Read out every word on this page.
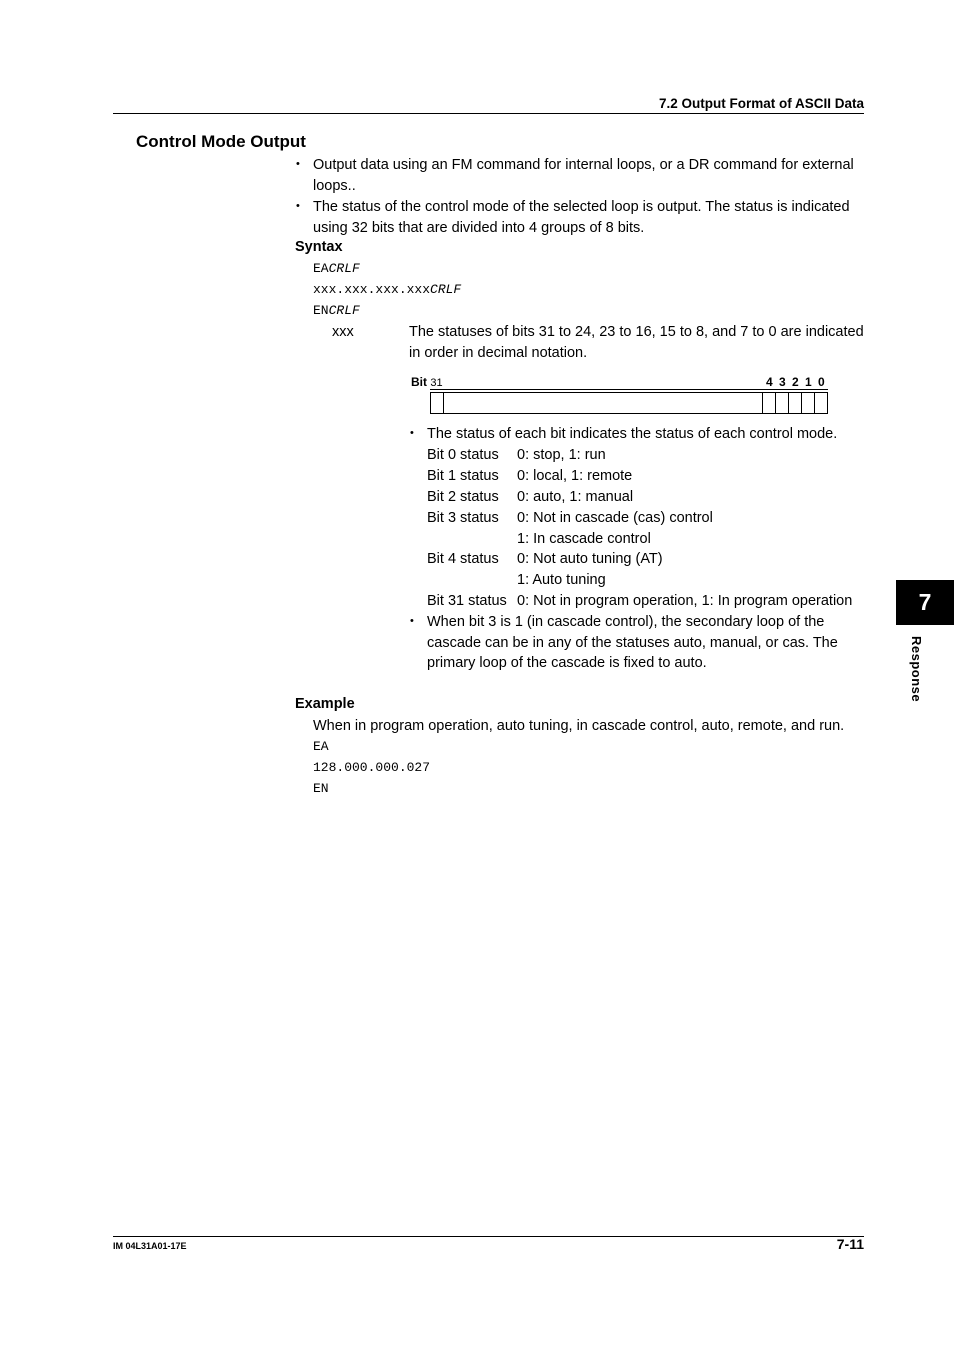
7.2 Output Format of ASCII Data
Control Mode Output
• Output data using an FM command for internal loops, or a DR command for external
loops..
• The status of the control mode of the selected loop is output. The status is indicated
using 32 bits that are divided into 4 groups of 8 bits.
Syntax
EACRLF
xxx.xxx.xxx.xxxCRLF
ENCRLF
xxx	The statuses of bits 31 to 24, 23 to 16, 15 to 8, and 7 to 0 are indicated
in order in decimal notation.
Bit 31	4 3 2 1 0
• The status of each bit indicates the status of each control mode.
Bit 0 status 0: stop, 1: run
Bit 1 status 0: local, 1: remote
Bit 2 status 0: auto, 1: manual
Bit 3 status 0: Not in cascade (cas) control
1: In cascade control
Bit 4 status 0: Not auto tuning (AT)
1: Auto tuning
Bit 31 status 0: Not in program operation, 1: In program operation
• When bit 3 is 1 (in cascade control), the secondary loop of the
cascade can be in any of the statuses auto, manual, or cas. The
primary loop of the cascade is fixed to auto.
Example
When in program operation, auto tuning, in cascade control, auto, remote, and run.
EA
128.000.000.027
EN
7
Response
IM 04L31A01-17E	7-11
